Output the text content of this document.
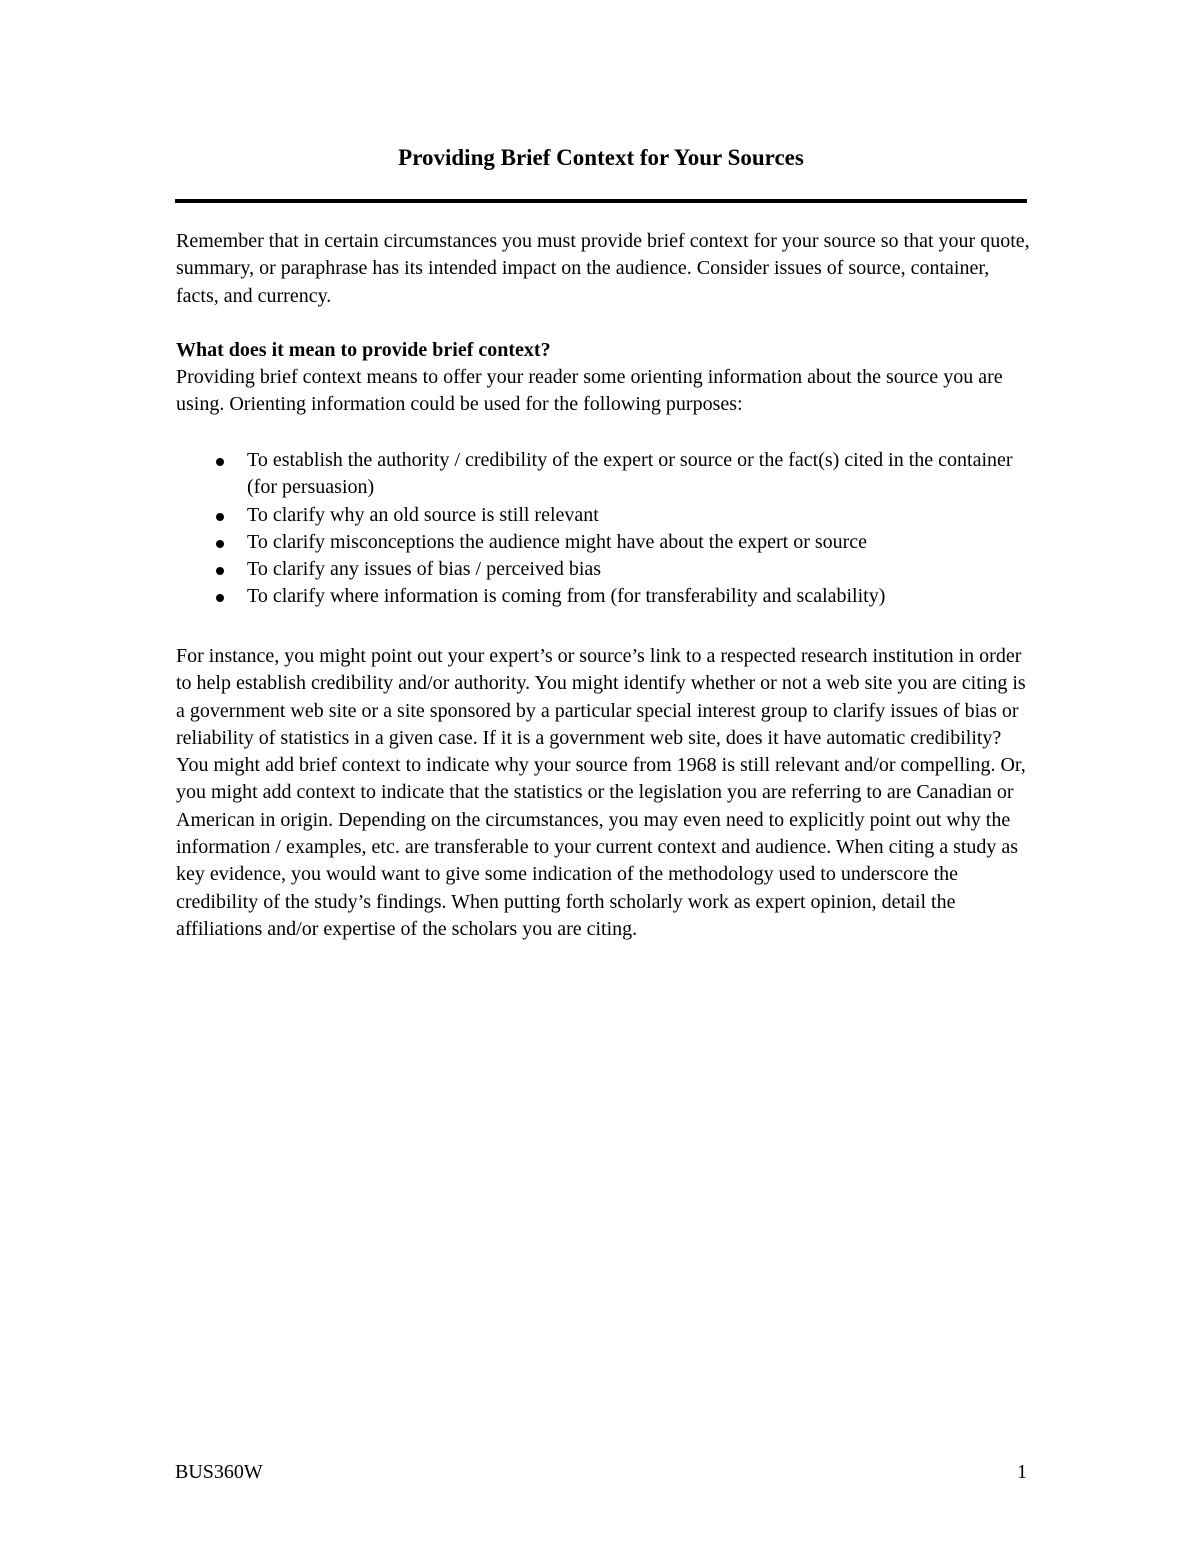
Providing Brief Context for Your Sources

Remember that in certain circumstances you must provide brief context for your source so that your quote, summary, or paraphrase has its intended impact on the audience. Consider issues of source, container, facts, and currency.

What does it mean to provide brief context?

Providing brief context means to offer your reader some orienting information about the source you are using. Orienting information could be used for the following purposes:

To establish the authority / credibility of the expert or source or the fact(s) cited in the container (for persuasion)
To clarify why an old source is still relevant
To clarify misconceptions the audience might have about the expert or source
To clarify any issues of bias / perceived bias
To clarify where information is coming from (for transferability and scalability)

For instance, you might point out your expert’s or source’s link to a respected research institution in order to help establish credibility and/or authority. You might identify whether or not a web site you are citing is a government web site or a site sponsored by a particular special interest group to clarify issues of bias or reliability of statistics in a given case. If it is a government web site, does it have automatic credibility? You might add brief context to indicate why your source from 1968 is still relevant and/or compelling. Or, you might add context to indicate that the statistics or the legislation you are referring to are Canadian or American in origin. Depending on the circumstances, you may even need to explicitly point out why the information / examples, etc. are transferable to your current context and audience. When citing a study as key evidence, you would want to give some indication of the methodology used to underscore the credibility of the study’s findings. When putting forth scholarly work as expert opinion, detail the affiliations and/or expertise of the scholars you are citing.

BUS360W	1
